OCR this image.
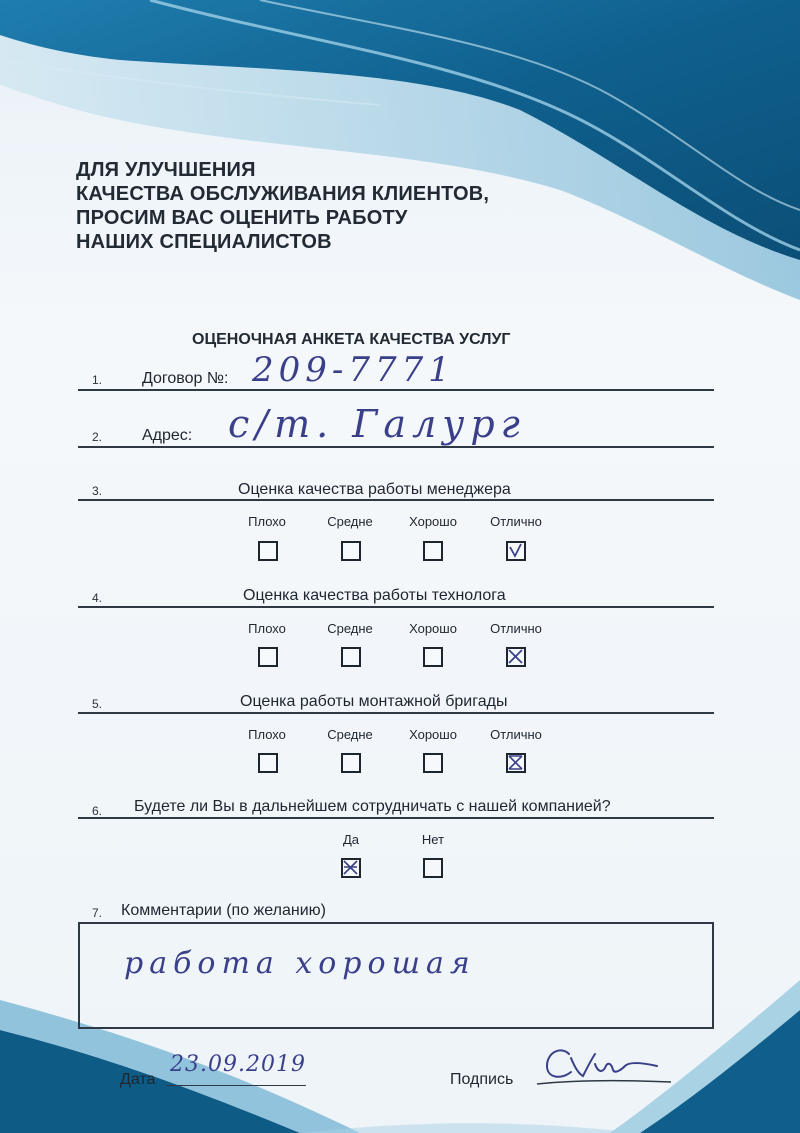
ДЛЯ УЛУЧШЕНИЯ
КАЧЕСТВА ОБСЛУЖИВАНИЯ КЛИЕНТОВ,
ПРОСИМ ВАС ОЦЕНИТЬ РАБОТУ
НАШИХ СПЕЦИАЛИСТОВ
ОЦЕНОЧНАЯ АНКЕТА КАЧЕСТВА УСЛУГ
1. Договор №: 209-7771
2. Адрес: с/т. Галург
3.	Оценка качества работы менеджера
Плохо	Средне	Хорошо	Отлично
4.	Оценка качества работы технолога
Плохо	Средне	Хорошо	Отлично
5.	Оценка работы монтажной бригады
Плохо	Средне	Хорошо	Отлично
6. Будете ли Вы в дальнейшем сотрудничать с нашей компанией?
Да	Нет
7. Комментарии (по желанию)
работа хорошая
Дата
23.09.2019
Подпись
